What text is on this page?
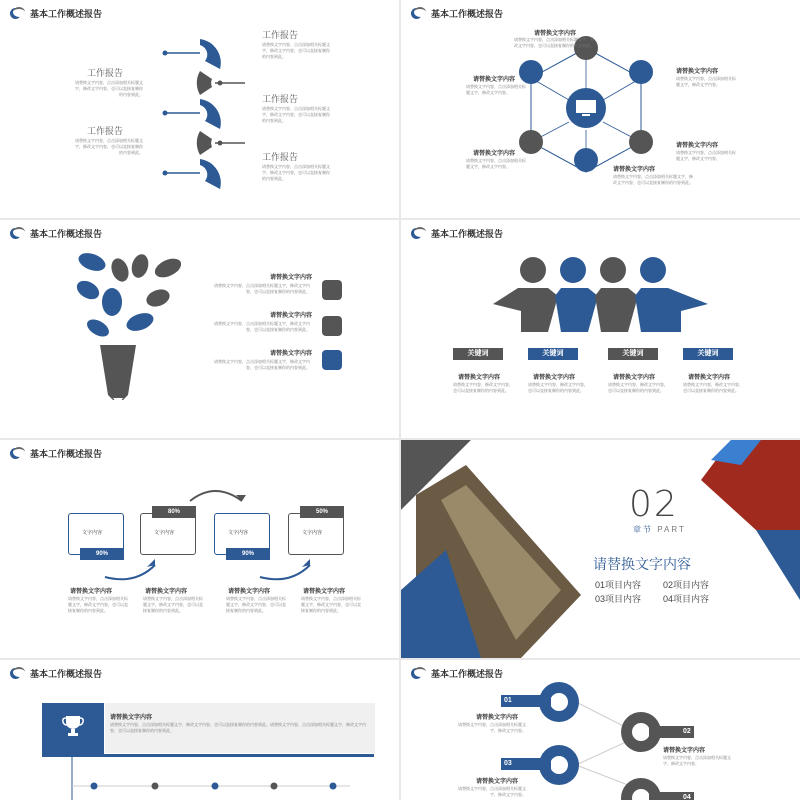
基本工作概述报告
工作报告
请替换文字内容，点击添加相关标题文字，修改文字内容，也可以直接复制你的内容到此。
工作报告
请替换文字内容，点击添加相关标题文字，修改文字内容，也可以直接复制你的内容到此。	工作报告
请替换文字内容，点击添加相关标题文字，修改文字内容，也可以直接复制你的内容到此。
工作报告
请替换文字内容，点击添加相关标题文字，修改文字内容，也可以直接复制你的内容到此。	工作报告
请替换文字内容，点击添加相关标题文字，修改文字内容，也可以直接复制你的内容到此。
基本工作概述报告
请替换文字内容
请替换文字内容，点击添加相关标题文字，修改文字内容，也可以直接复制你的内容到此。
请替换文字内容
请替换文字内容，点击添加相关标题文字，修改文字内容。
请替换文字内容
请替换文字内容，点击添加相关标题文字，修改文字内容。
请替换文字内容
请替换文字内容，点击添加相关标题文字，修改文字内容。
请替换文字内容
请替换文字内容，点击添加相关标题文字，修改文字内容。
请替换文字内容
请替换文字内容，点击添加相关标题文字，修改文字内容，也可以直接复制你的内容到此。
基本工作概述报告
请替换文字内容
请替换文字内容，点击添加相关标题文字，修改文字内容，也可以直接复制你的内容到此。
请替换文字内容
请替换文字内容，点击添加相关标题文字，修改文字内容，也可以直接复制你的内容到此。
请替换文字内容
请替换文字内容，点击添加相关标题文字，修改文字内容，也可以直接复制你的内容到此。
基本工作概述报告
关键词	关键词	关键词	关键词
请替换文字内容
请替换文字内容，修改文字内容，也可以直接复制你的内容到此。
请替换文字内容
请替换文字内容，修改文字内容，也可以直接复制你的内容到此。
请替换文字内容
请替换文字内容，修改文字内容，也可以直接复制你的内容到此。
请替换文字内容
请替换文字内容，修改文字内容，也可以直接复制你的内容到此。
基本工作概述报告
文字内容
90%
文字内容
80%
文字内容
90%
文字内容
50%
请替换文字内容
请替换文字内容，点击添加相关标题文字，修改文字内容，也可以直接复制你的内容到此。
请替换文字内容
请替换文字内容，点击添加相关标题文字，修改文字内容，也可以直接复制你的内容到此。
请替换文字内容
请替换文字内容，点击添加相关标题文字，修改文字内容，也可以直接复制你的内容到此。
请替换文字内容
请替换文字内容，点击添加相关标题文字，修改文字内容，也可以直接复制你的内容到此。
02
章节 PART
请替换文字内容
01项目内容 02项目内容
03项目内容 04项目内容
基本工作概述报告
请替换文字内容
请替换文字内容，点击添加相关标题文字，修改文字内容，也可以直接复制你的内容到此。请替换文字内容，点击添加相关标题文字，修改文字内容，也可以直接复制你的内容到此。
基本工作概述报告
01
请替换文字内容
请替换文字内容，点击添加相关标题文字，修改文字内容。	02
请替换文字内容
请替换文字内容，点击添加相关标题文字，修改文字内容。
03
请替换文字内容
请替换文字内容，点击添加相关标题文字，修改文字内容。	04
